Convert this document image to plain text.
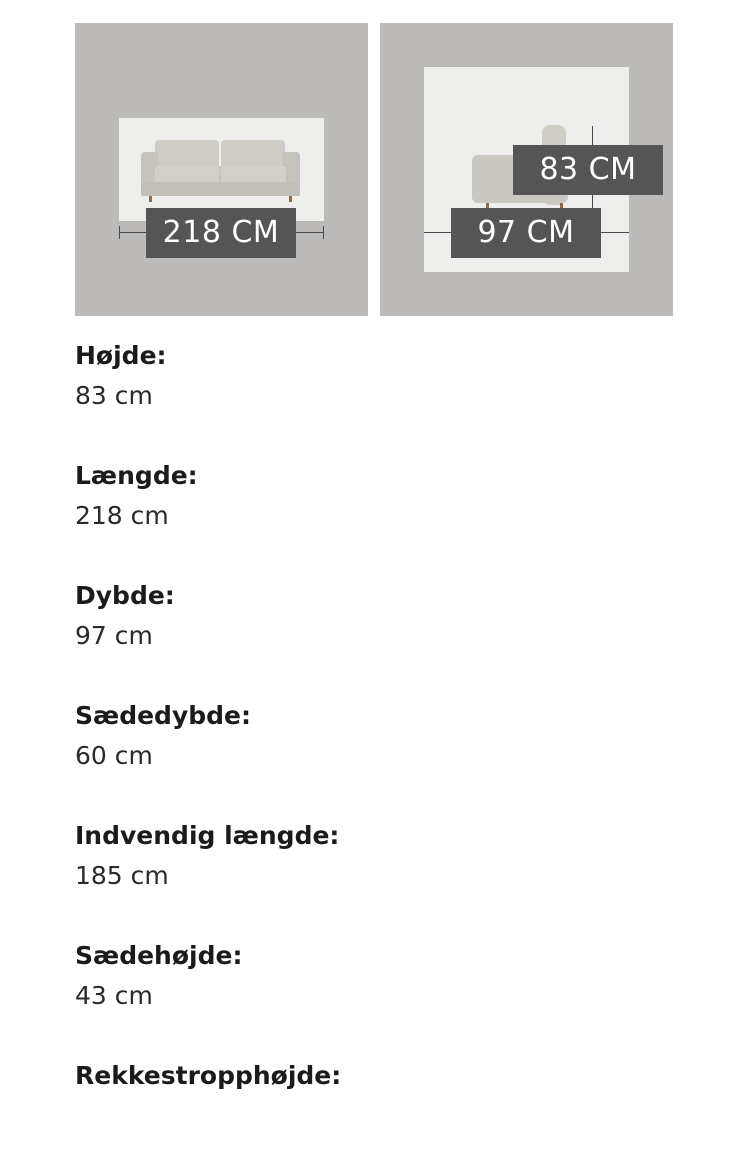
218 CM
83 CM
97 CM
Højde:
83 cm
Længde:
218 cm
Dybde:
97 cm
Sædedybde:
60 cm
Indvendig længde:
185 cm
Sædehøjde:
43 cm
Rekkestropphøjde:
